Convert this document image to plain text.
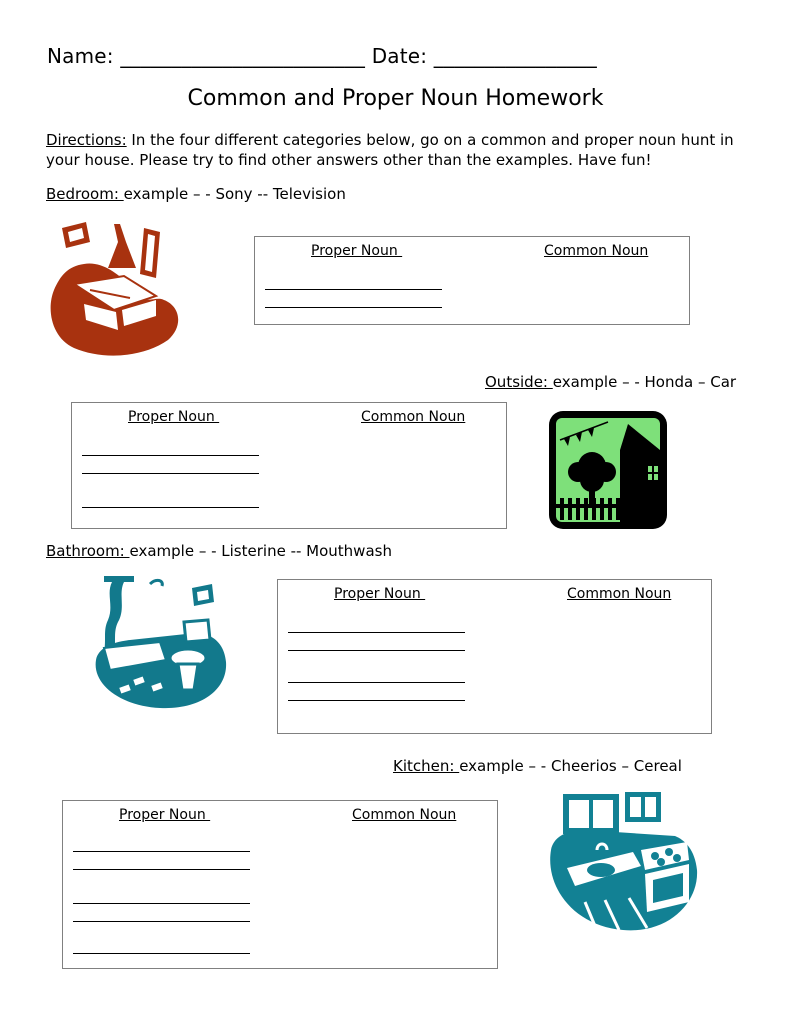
Name: ________________________ Date: ________________
Common and Proper Noun Homework
Directions: In the four different categories below, go on a common and proper noun hunt in your house. Please try to find other answers other than the examples. Have fun!
Bedroom: example – - Sony -- Television
Proper Noun	Common Noun
Outside: example – - Honda – Car
Proper Noun	Common Noun
Bathroom: example – - Listerine -- Mouthwash
Proper Noun	Common Noun
Kitchen: example – - Cheerios – Cereal
Proper Noun	Common Noun
